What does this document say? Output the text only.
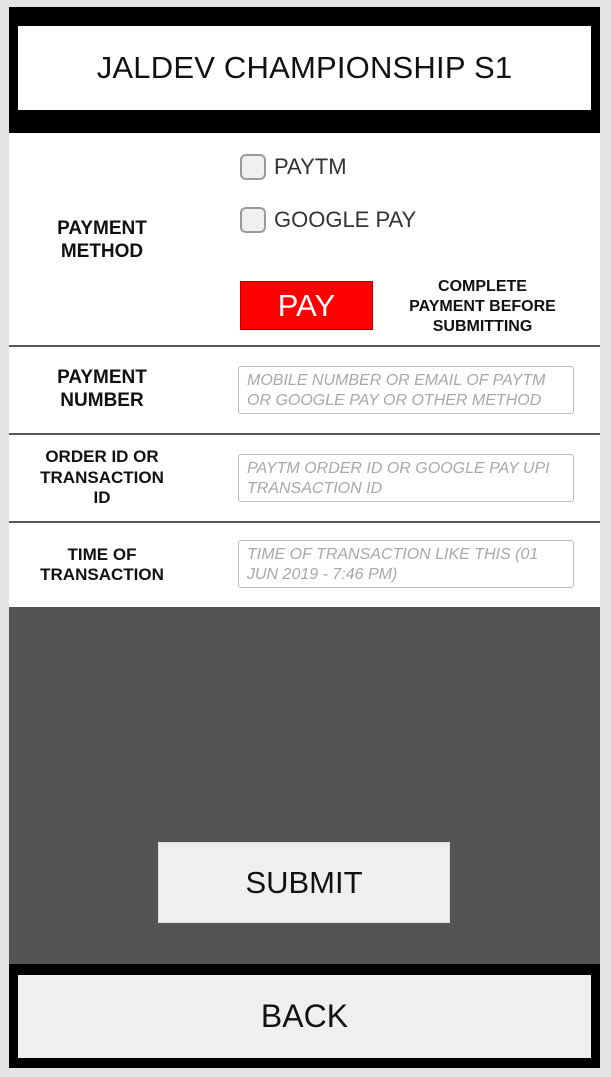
JALDEV CHAMPIONSHIP S1
PAYMENT
METHOD
PAYTM
GOOGLE PAY
PAY
COMPLETE
PAYMENT BEFORE
SUBMITTING
PAYMENT
NUMBER
MOBILE NUMBER OR EMAIL OF PAYTM OR GOOGLE PAY OR OTHER METHOD
ORDER ID OR
TRANSACTION
ID
PAYTM ORDER ID OR GOOGLE PAY UPI TRANSACTION ID
TIME OF
TRANSACTION
TIME OF TRANSACTION LIKE THIS (01 JUN 2019 - 7:46 PM)
SUBMIT
BACK
